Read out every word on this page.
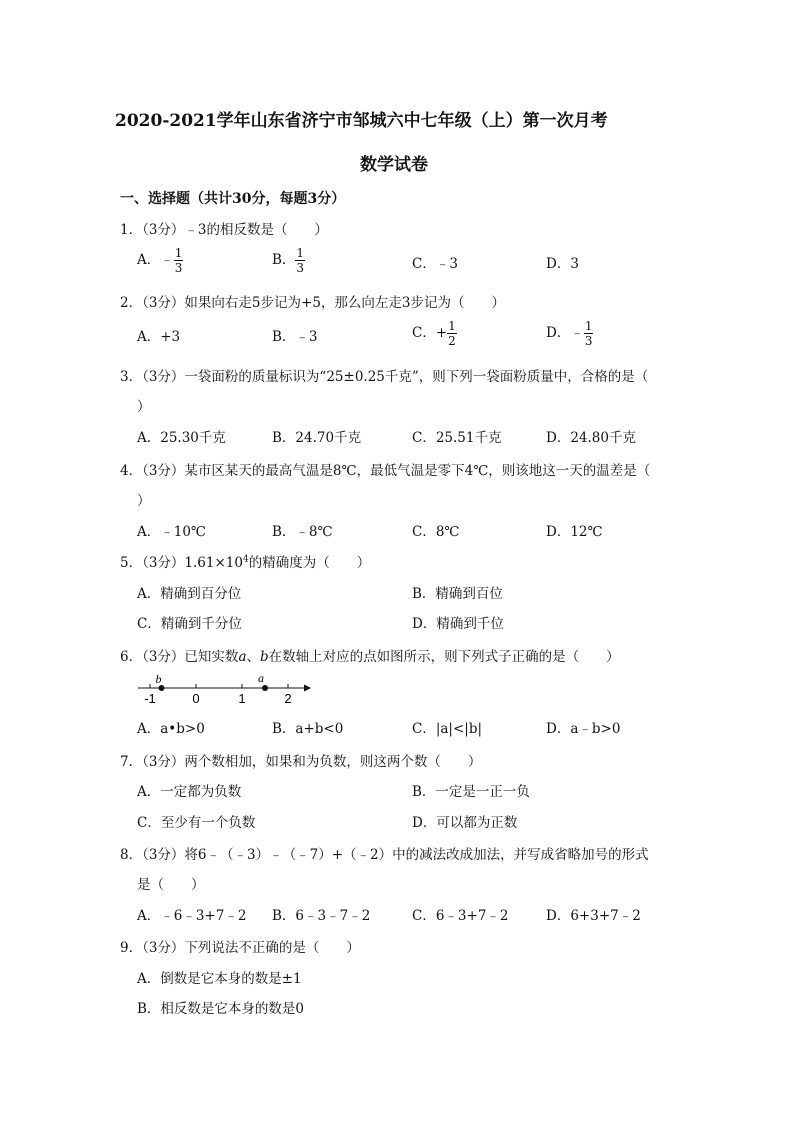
2020-2021学年山东省济宁市邹城六中七年级（上）第一次月考
数学试卷
一、选择题（共计30分，每题3分）
1．（3分）﹣3的相反数是（　　）
A．﹣ $\frac{1}{3}$	B． $\frac{1}{3}$	C．﹣3	D．3
2．（3分）如果向右走5步记为+5，那么向左走3步记为（　　）
A．+3	B．﹣3	C．+ $\frac{1}{2}$	D．﹣ $\frac{1}{3}$
3．（3分）一袋面粉的质量标识为“25±0.25千克”，则下列一袋面粉质量中，合格的是（
）
A．25.30千克	B．24.70千克	C．25.51千克	D．24.80千克
4．（3分）某市区某天的最高气温是8℃，最低气温是零下4℃，则该地这一天的温差是（
）
A．﹣10℃	B．﹣8℃	C．8℃	D．12℃
5．（3分）$1.61\times 10^4$的精确度为（　　）
A．精确到百分位	B．精确到百位
C．精确到千分位	D．精确到千位
6．（3分）已知实数a、b在数轴上对应的点如图所示，则下列式子正确的是（　　）
-1	0	1	2
b	a
A．a•b>0	B．a+b<0	C．|a|<|b|	D．a﹣b>0
7．（3分）两个数相加，如果和为负数，则这两个数（　　）
A．一定都为负数	B．一定是一正一负
C．至少有一个负数	D．可以都为正数
8．（3分）将6﹣（﹣3）﹣（﹣7）+（﹣2）中的减法改成加法，并写成省略加号的形式
是（　　）
A．﹣6﹣3+7﹣2 B．6﹣3﹣7﹣2	C．6﹣3+7﹣2	D．6+3+7﹣2
9．（3分）下列说法不正确的是（　　）
A．倒数是它本身的数是±1
B．相反数是它本身的数是0
